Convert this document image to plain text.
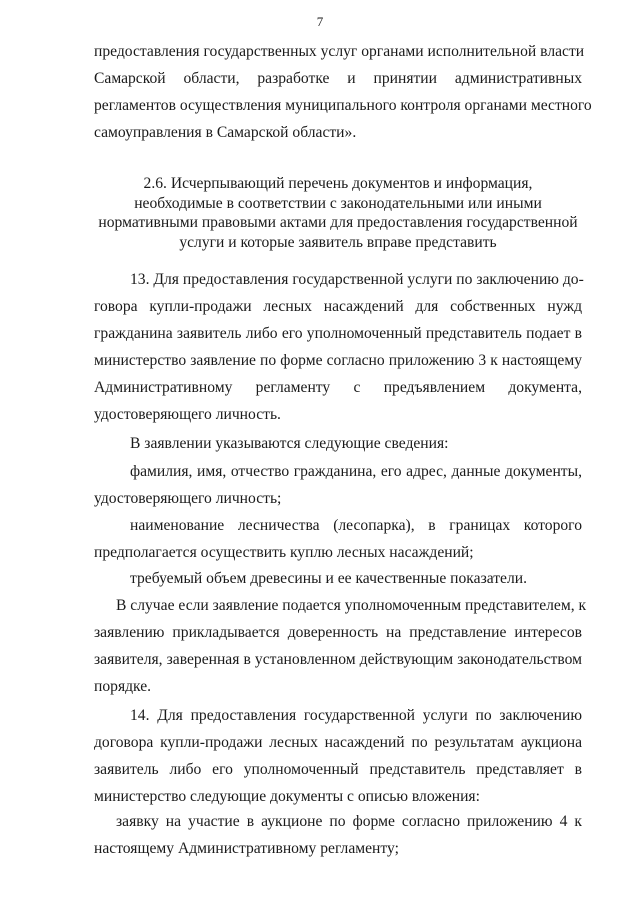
7
предоставления государственных услуг органами исполнительной власти
Самарской области, разработке и принятии административных
регламентов осуществления муниципального контроля органами местного
самоуправления в Самарской области».
2.6. Исчерпывающий перечень документов и информация,
необходимые в соответствии с законодательными или иными
нормативными правовыми актами для предоставления государственной
услуги и которые заявитель вправе представить
13. Для предоставления государственной услуги по заключению до-
говора купли-продажи лесных насаждений для собственных нужд
гражданина заявитель либо его уполномоченный представитель подает в
министерство заявление по форме согласно приложению 3 к настоящему
Административному регламенту с предъявлением документа,
удостоверяющего личность.
В заявлении указываются следующие сведения:
фамилия, имя, отчество гражданина, его адрес, данные документы,
удостоверяющего личность;
наименование лесничества (лесопарка), в границах которого
предполагается осуществить куплю лесных насаждений;
требуемый объем древесины и ее качественные показатели.
В случае если заявление подается уполномоченным представителем, к
заявлению прикладывается доверенность на представление интересов
заявителя, заверенная в установленном действующим законодательством
порядке.
14. Для предоставления государственной услуги по заключению
договора купли-продажи лесных насаждений по результатам аукциона
заявитель либо его уполномоченный представитель представляет в
министерство следующие документы с описью вложения:
заявку на участие в аукционе по форме согласно приложению 4 к
настоящему Административному регламенту;
